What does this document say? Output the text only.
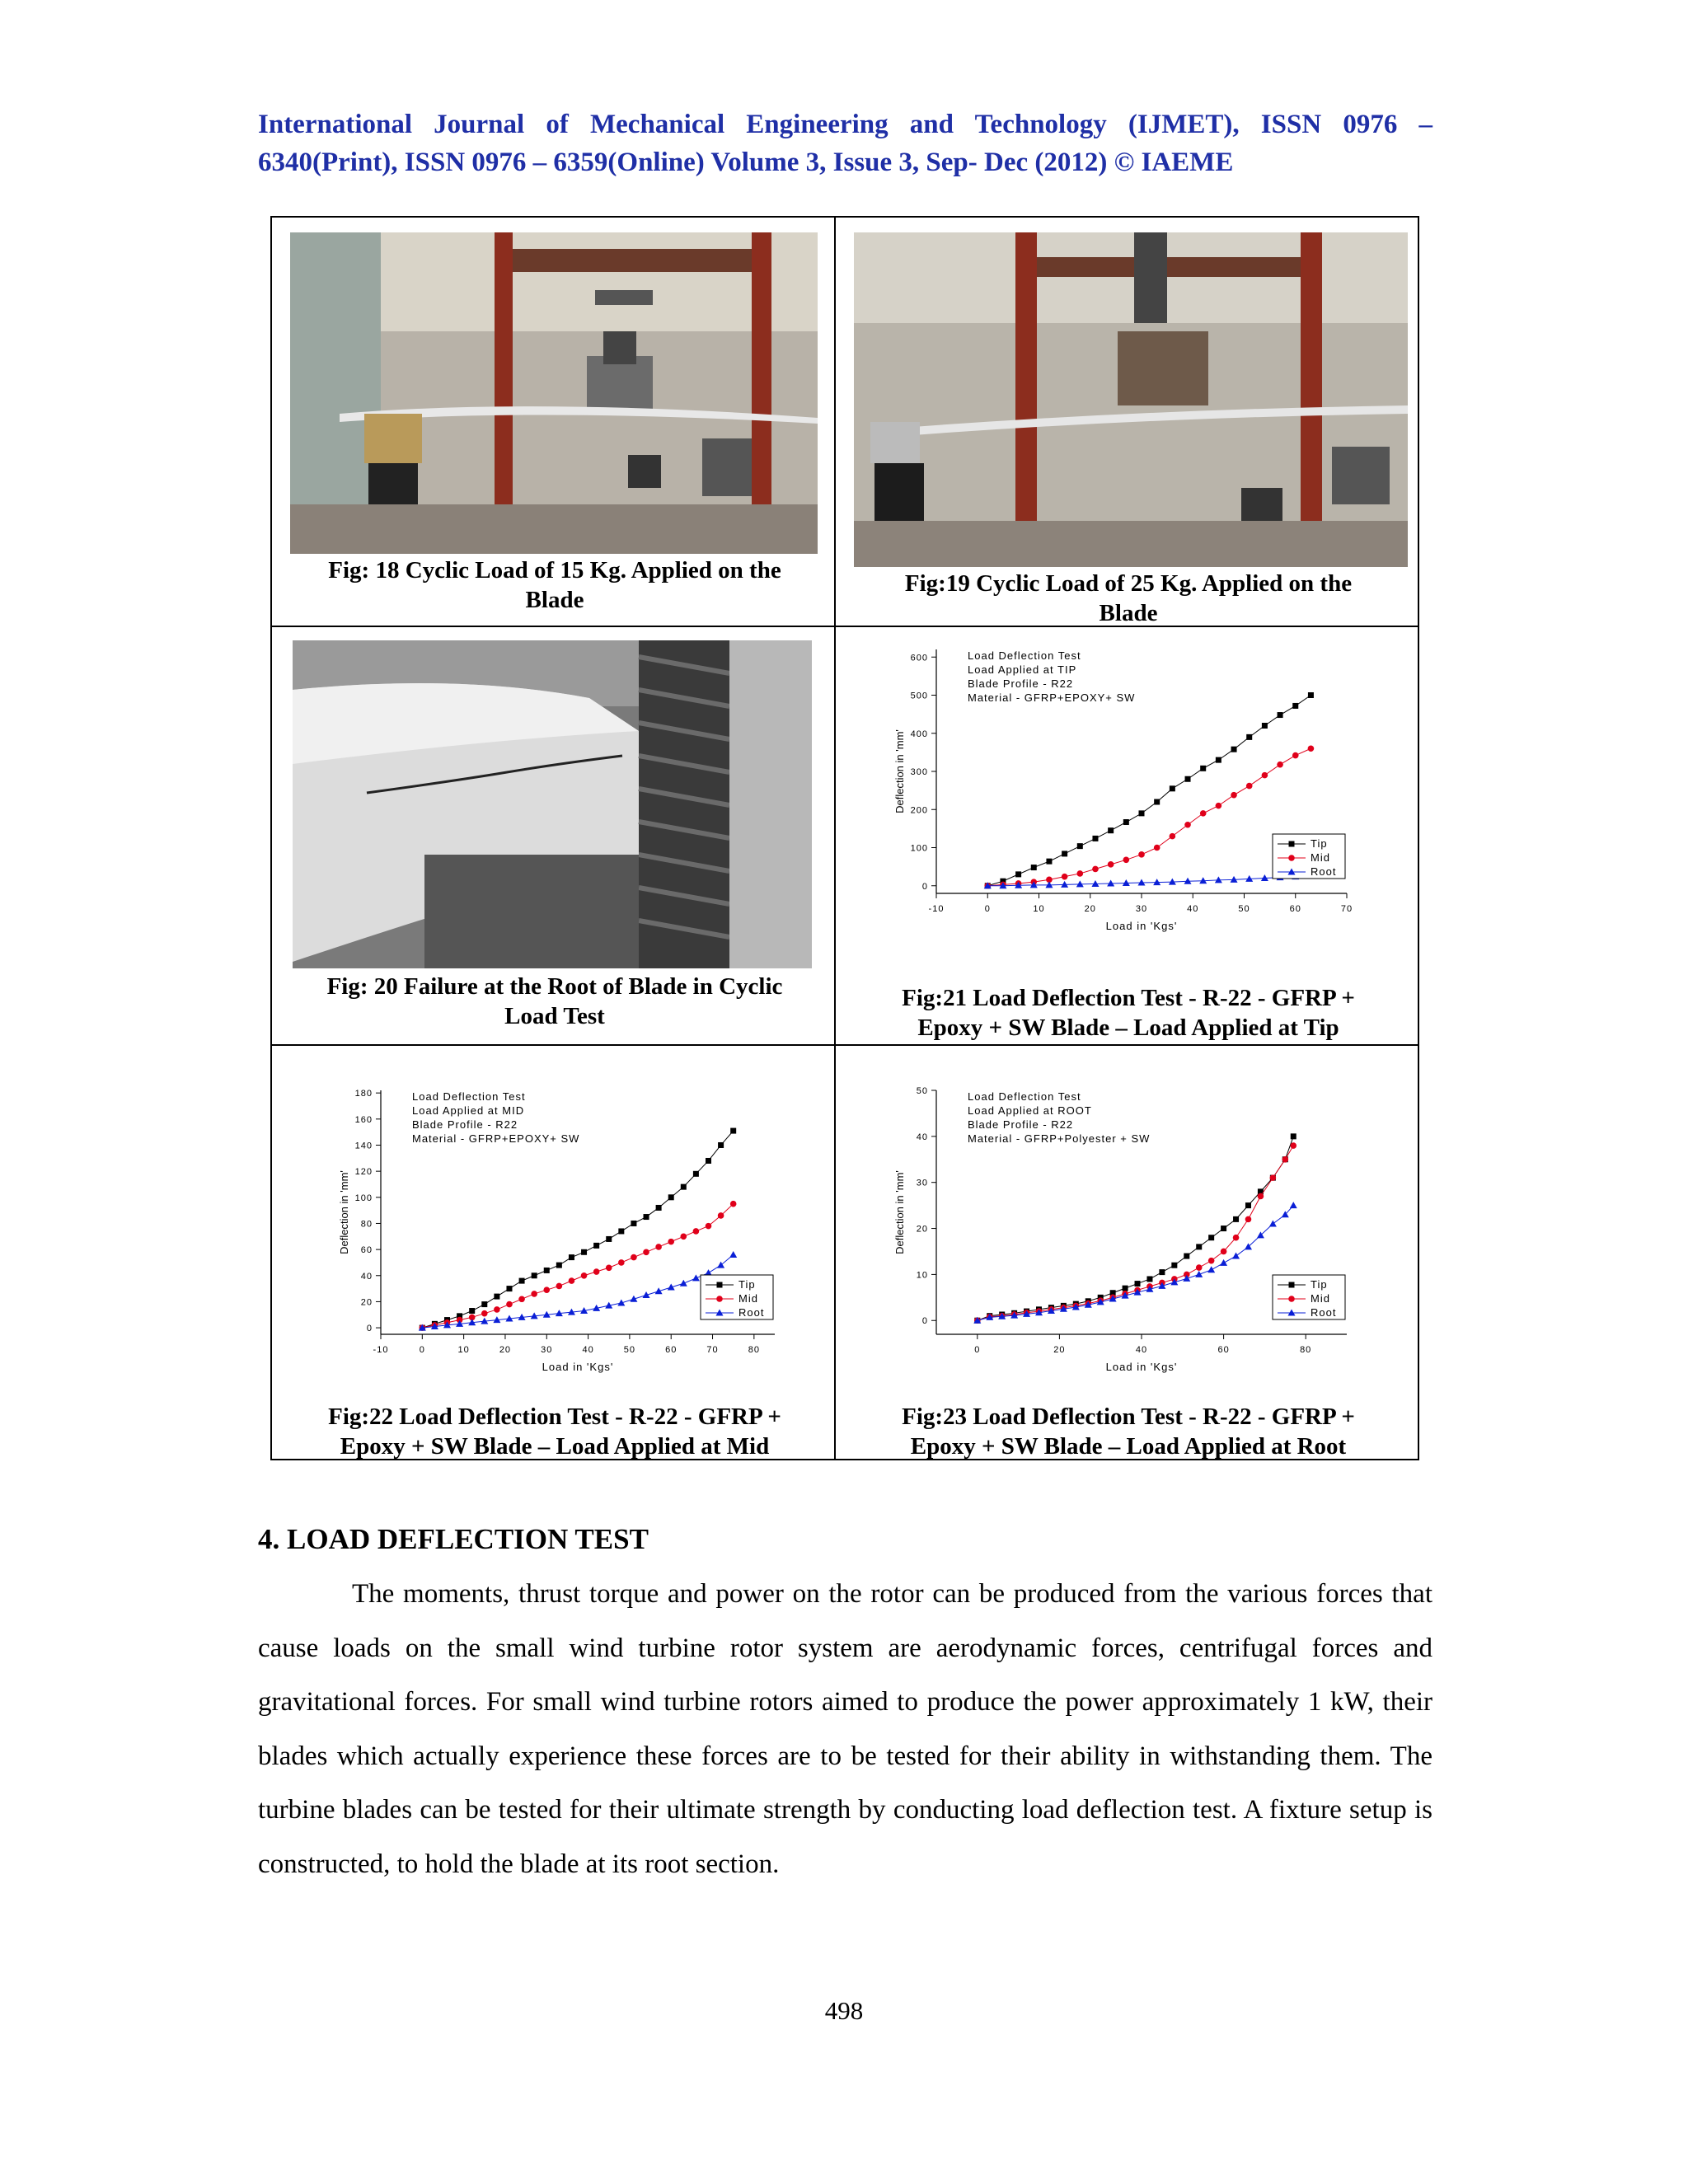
International Journal of Mechanical Engineering and Technology (IJMET), ISSN 0976 –
6340(Print), ISSN 0976 – 6359(Online) Volume 3, Issue 3, Sep- Dec (2012) © IAEME
Fig: 18 Cyclic Load of 15 Kg. Applied on the
Blade
Fig:19 Cyclic Load of 25 Kg. Applied on the
Blade
Fig: 20 Failure at the Root of Blade in Cyclic
Load Test
-10	0	10	20	30	40	50	60	70
0
100
200
300
400
500
600
Load in 'Kgs'
Deflection in 'mm'
Load Deflection Test
Load Applied at TIP
Blade Profile - R22
Material - GFRP+EPOXY+ SW
Tip
Mid
Root
Fig:21 Load Deflection Test - R-22 - GFRP +
Epoxy + SW Blade – Load Applied at Tip
-10	0	10	20	30	40	50	60	70	80
0
20
40
60
80
100
120
140
160
180
Load in 'Kgs'
Deflection in 'mm'
Load Deflection Test
Load Applied at MID
Blade Profile - R22
Material - GFRP+EPOXY+ SW
Tip
Mid
Root
Fig:22 Load Deflection Test - R-22 - GFRP +
Epoxy + SW Blade – Load Applied at Mid
0	20	40	60	80
0
10
20
30
40
50
Load in 'Kgs'
Deflection in 'mm'
Load Deflection Test
Load Applied at ROOT
Blade Profile - R22
Material - GFRP+Polyester + SW
Tip
Mid
Root
Fig:23 Load Deflection Test - R-22 - GFRP +
Epoxy + SW Blade – Load Applied at Root
4. LOAD DEFLECTION TEST
The moments, thrust torque and power on the rotor can be produced from the various forces that cause loads on the small wind turbine rotor system are aerodynamic forces, centrifugal forces and gravitational forces. For small wind turbine rotors aimed to produce the power approximately 1 kW, their blades which actually experience these forces are to be tested for their ability in withstanding them. The turbine blades can be tested for their ultimate strength by conducting load deflection test. A fixture setup is constructed, to hold the blade at its root section.
498
